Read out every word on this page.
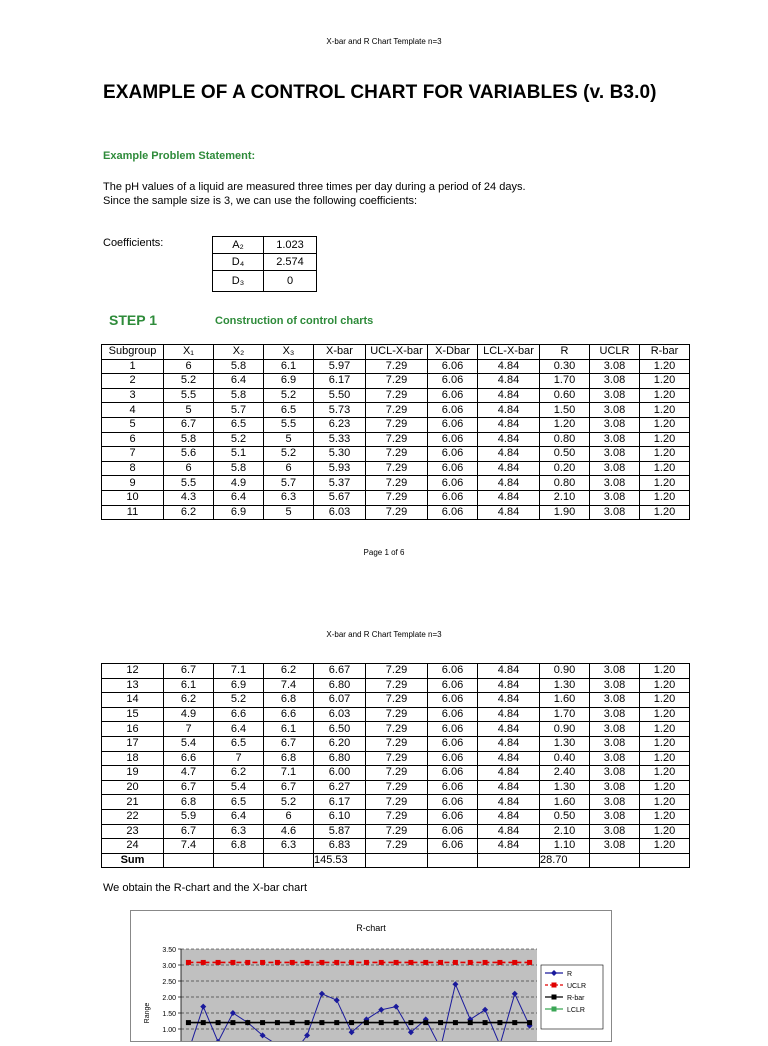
X-bar and R Chart Template n=3
EXAMPLE OF A CONTROL CHART FOR VARIABLES (v. B3.0)
Example Problem Statement:
The pH values of a liquid are measured three times per day during a period of 24 days.
Since the sample size is 3, we can use the following coefficients:
Coefficients:	A₂	1.023
D₄	2.574
D₃	0
STEP 1	Construction of control charts
Subgroup	X₁	X₂	X₃	X-bar	UCL-X-bar	X-Dbar	LCL-X-bar	R	UCLR	R-bar
1	6	5.8	6.1	5.97	7.29	6.06	4.84	0.30	3.08	1.20
2	5.2	6.4	6.9	6.17	7.29	6.06	4.84	1.70	3.08	1.20
3	5.5	5.8	5.2	5.50	7.29	6.06	4.84	0.60	3.08	1.20
4	5	5.7	6.5	5.73	7.29	6.06	4.84	1.50	3.08	1.20
5	6.7	6.5	5.5	6.23	7.29	6.06	4.84	1.20	3.08	1.20
6	5.8	5.2	5	5.33	7.29	6.06	4.84	0.80	3.08	1.20
7	5.6	5.1	5.2	5.30	7.29	6.06	4.84	0.50	3.08	1.20
8	6	5.8	6	5.93	7.29	6.06	4.84	0.20	3.08	1.20
9	5.5	4.9	5.7	5.37	7.29	6.06	4.84	0.80	3.08	1.20
10	4.3	6.4	6.3	5.67	7.29	6.06	4.84	2.10	3.08	1.20
11	6.2	6.9	5	6.03	7.29	6.06	4.84	1.90	3.08	1.20
Page 1 of 6
X-bar and R Chart Template n=3
12	6.7	7.1	6.2	6.67	7.29	6.06	4.84	0.90	3.08	1.20
13	6.1	6.9	7.4	6.80	7.29	6.06	4.84	1.30	3.08	1.20
14	6.2	5.2	6.8	6.07	7.29	6.06	4.84	1.60	3.08	1.20
15	4.9	6.6	6.6	6.03	7.29	6.06	4.84	1.70	3.08	1.20
16	7	6.4	6.1	6.50	7.29	6.06	4.84	0.90	3.08	1.20
17	5.4	6.5	6.7	6.20	7.29	6.06	4.84	1.30	3.08	1.20
18	6.6	7	6.8	6.80	7.29	6.06	4.84	0.40	3.08	1.20
19	4.7	6.2	7.1	6.00	7.29	6.06	4.84	2.40	3.08	1.20
20	6.7	5.4	6.7	6.27	7.29	6.06	4.84	1.30	3.08	1.20
21	6.8	6.5	5.2	6.17	7.29	6.06	4.84	1.60	3.08	1.20
22	5.9	6.4	6	6.10	7.29	6.06	4.84	0.50	3.08	1.20
23	6.7	6.3	4.6	5.87	7.29	6.06	4.84	2.10	3.08	1.20
24	7.4	6.8	6.3	6.83	7.29	6.06	4.84	1.10	3.08	1.20
Sum				145.53				28.70		
We obtain the R-chart and the X-bar chart
R-chart
3.50
3.00
2.50
2.00
1.50
1.00
Range
R
UCLR
R-bar
LCLR
